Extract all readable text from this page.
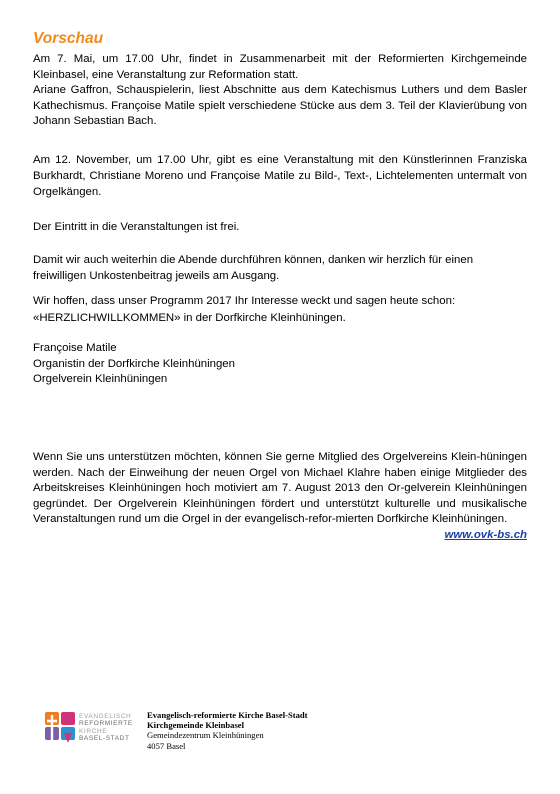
Vorschau

Am 7. Mai, um 17.00 Uhr, findet in Zusammenarbeit mit der Reformierten Kirchgemeinde Kleinbasel, eine Veranstaltung zur Reformation statt.

Ariane Gaffron, Schauspielerin, liest Abschnitte aus dem Katechismus Luthers und dem Basler Kathechismus. Françoise Matile spielt verschiedene Stücke aus dem 3. Teil der Klavierübung von Johann Sebastian Bach.

Am 12. November, um 17.00 Uhr, gibt es eine Veranstaltung mit den Künstlerinnen Franziska Burkhardt, Christiane Moreno und Françoise Matile zu Bild-, Text-, Lichtelementen untermalt von Orgelkängen.

Der Eintritt in die Veranstaltungen ist frei.

Damit wir auch weiterhin die Abende durchführen können, danken wir herzlich für einen freiwilligen Unkostenbeitrag jeweils am Ausgang.

Wir hoffen, dass unser Programm 2017 Ihr Interesse weckt und sagen heute schon:

«HERZLICHWILLKOMMEN» in der Dorfkirche Kleinhüningen.

Françoise Matile
Organistin der Dorfkirche Kleinhüningen
Orgelverein Kleinhüningen
Wenn Sie uns unterstützen möchten, können Sie gerne Mitglied des Orgelvereins Klein-hüningen werden. Nach der Einweihung der neuen Orgel von Michael Klahre haben einige Mitglieder des Arbeitskreises Kleinhüningen hoch motiviert am 7. August 2013 den Or-gelverein Kleinhüningen gegründet. Der Orgelverein Kleinhüningen fördert und unterstützt kulturelle und musikalische Veranstaltungen rund um die Orgel in der evangelisch-refor-mierten Dorfkirche Kleinhüningen.
www.ovk-bs.ch
EVANGELISCH
REFORMIERTE
KIRCHE
BASEL-STADT
Evangelisch-reformierte Kirche Basel-Stadt
Kirchgemeinde Kleinbasel
Gemeindezentrum Kleinhüningen
4057 Basel
